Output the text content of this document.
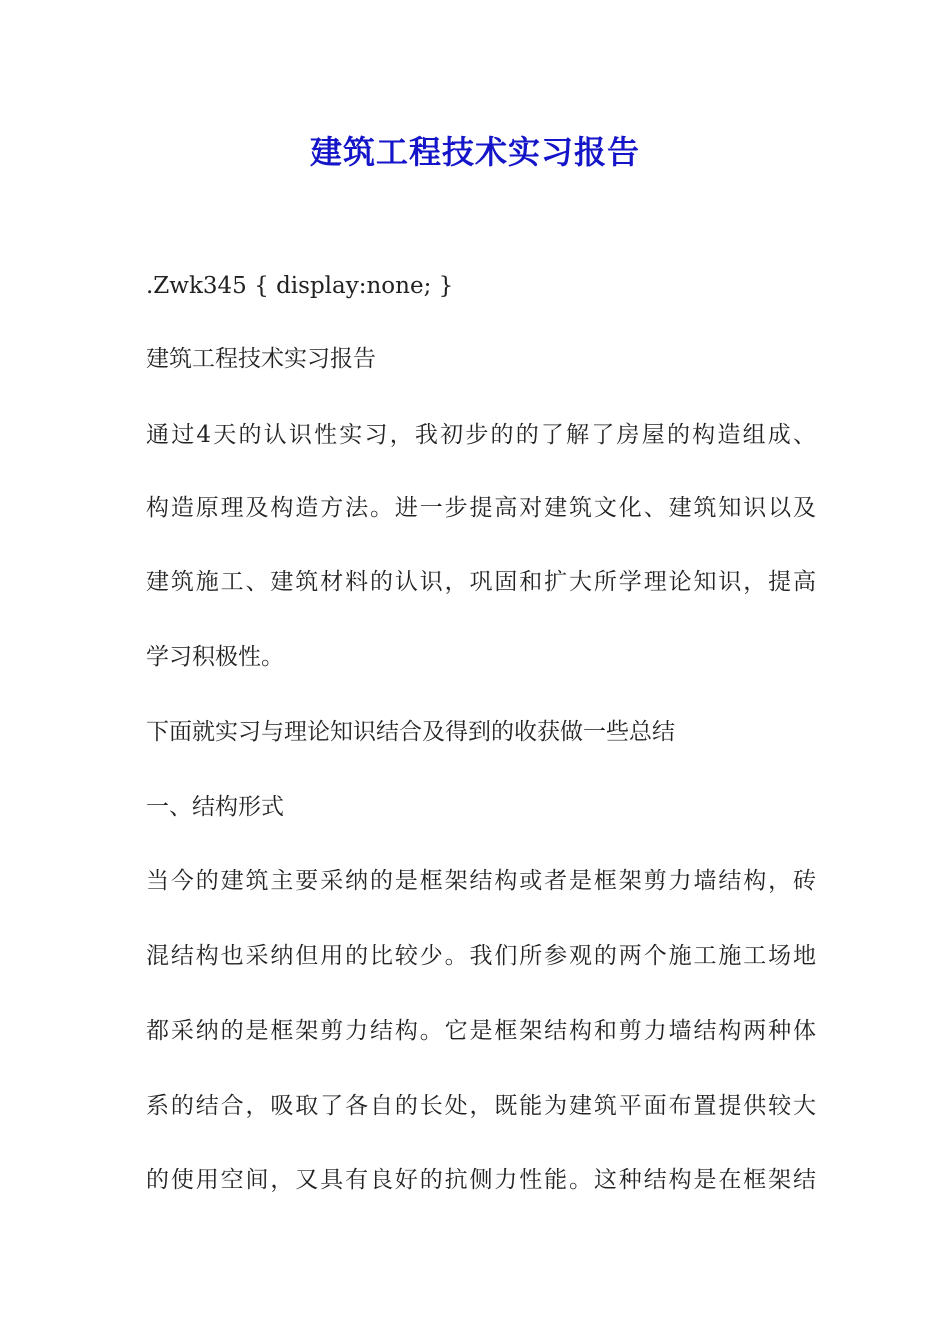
建筑工程技术实习报告
.Zwk345 { display:none; }
建筑工程技术实习报告
通过4天的认识性实习，我初步的的了解了房屋的构造组成、
构造原理及构造方法。进一步提高对建筑文化、建筑知识以及
建筑施工、建筑材料的认识，巩固和扩大所学理论知识，提高
学习积极性。
下面就实习与理论知识结合及得到的收获做一些总结
一、结构形式
当今的建筑主要采纳的是框架结构或者是框架剪力墙结构，砖
混结构也采纳但用的比较少。我们所参观的两个施工施工场地
都采纳的是框架剪力结构。它是框架结构和剪力墙结构两种体
系的结合，吸取了各自的长处，既能为建筑平面布置提供较大
的使用空间，又具有良好的抗侧力性能。这种结构是在框架结
